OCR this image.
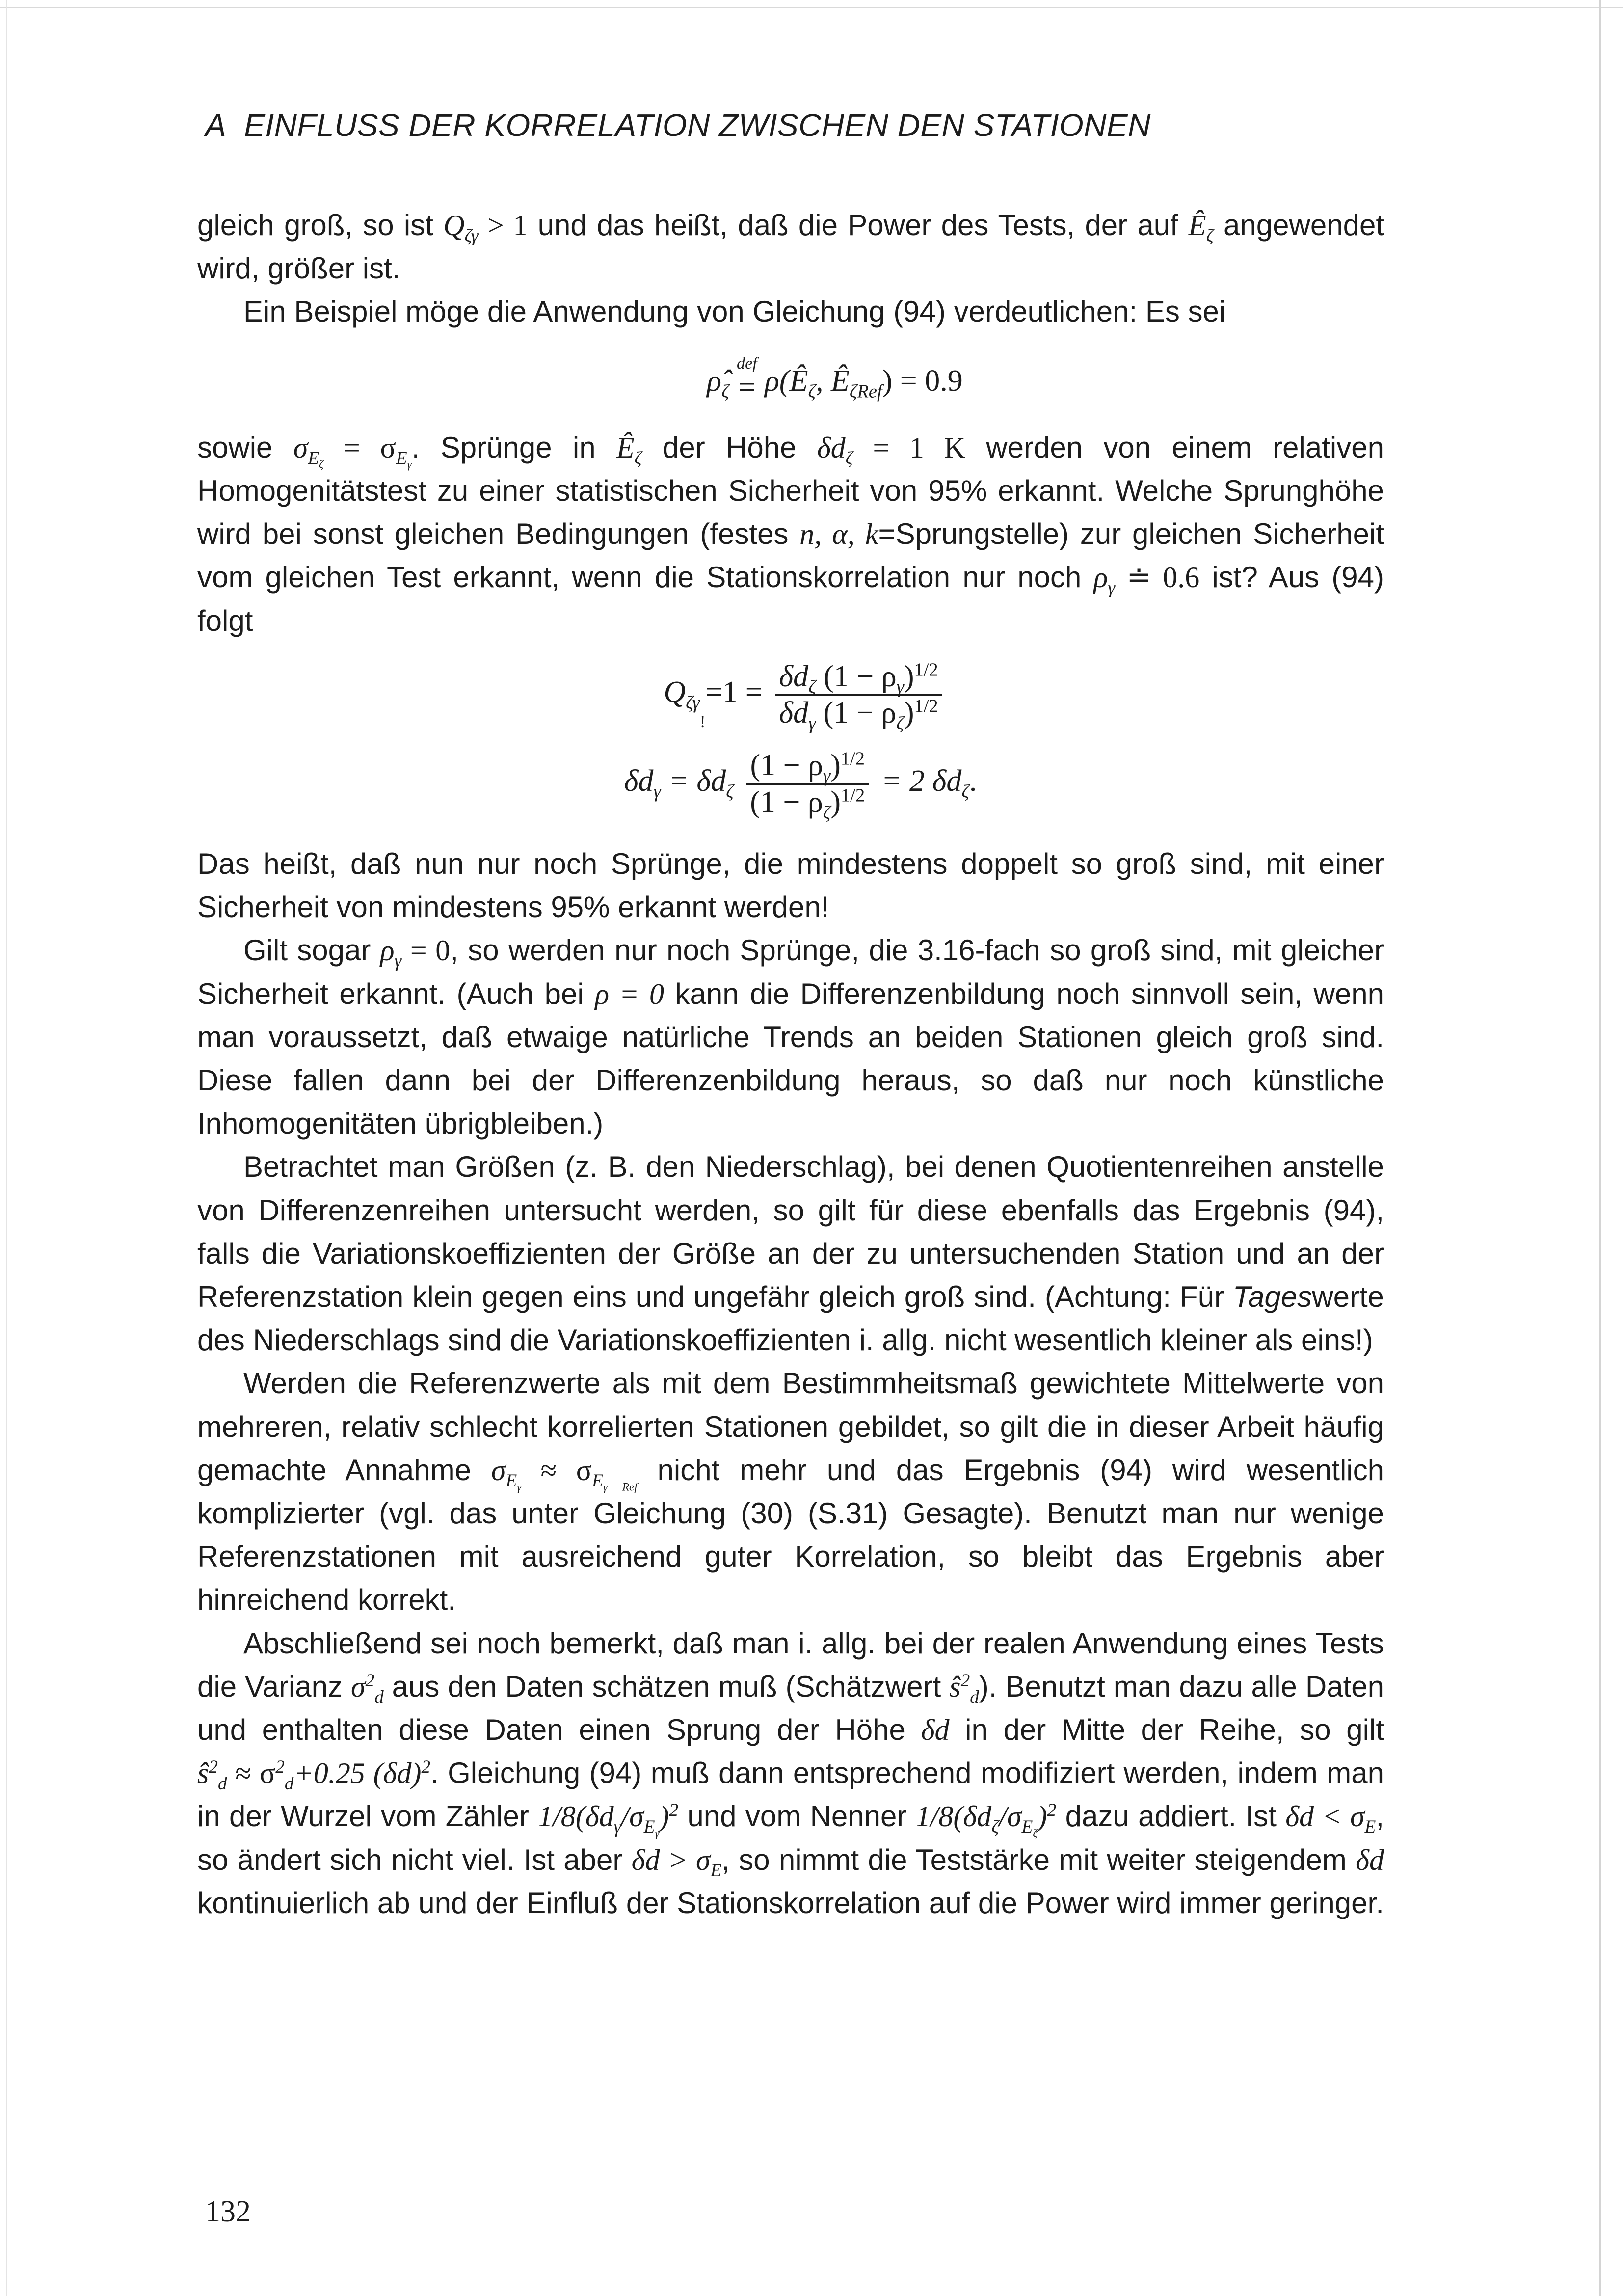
A EINFLUSS DER KORRELATION ZWISCHEN DEN STATIONEN

gleich groß, so ist $Q_{\zeta\gamma} > 1$ und das heißt, daß die Power des Tests, der auf $Ê_\zeta$ angewendet wird, größer ist.

Ein Beispiel möge die Anwendung von Gleichung (94) verdeutlichen: Es sei

$\rhô_\zeta$
def
= $\rho(Ê_\zeta$, $Ê_{\zeta Ref}) = 0.9$

sowie $\sigma_{E_\zeta} = \sigma_{E_\gamma}$. Sprünge in $Ê_\zeta$ der Höhe $\delta d_\zeta = 1$ K werden von einem relativen Homogenitätstest zu einer statistischen Sicherheit von 95% erkannt. Welche Sprunghöhe wird bei sonst gleichen Bedingungen (festes n, α, k=Sprungstelle) zur gleichen Sicherheit vom gleichen Test erkannt, wenn die Stationskorrelation nur noch $\rho_\gamma$ ≐ 0.6 ist? Aus (94) folgt

$Q_{\zeta\gamma}$
!
$=1 = \frac{\delta d_\zeta (1 - \rho_\gamma)^{1/2}}{\delta d_\gamma (1 - \rho_\zeta)^{1/2}}$
$\delta d_\gamma = \delta d_\zeta \frac{(1 - \rho_\gamma)^{1/2}}{(1 - \rho_\zeta)^{1/2}} = 2$ $\delta d_\zeta$.

Das heißt, daß nun nur noch Sprünge, die mindestens doppelt so groß sind, mit einer Sicherheit von mindestens 95% erkannt werden!

Gilt sogar $\rho_\gamma = 0$, so werden nur noch Sprünge, die 3.16-fach so groß sind, mit gleicher Sicherheit erkannt. (Auch bei ρ = 0 kann die Differenzenbildung noch sinnvoll sein, wenn man voraussetzt, daß etwaige natürliche Trends an beiden Stationen gleich groß sind. Diese fallen dann bei der Differenzenbildung heraus, so daß nur noch künstliche Inhomogenitäten übrigbleiben.)

Betrachtet man Größen (z. B. den Niederschlag), bei denen Quotientenreihen anstelle von Differenzenreihen untersucht werden, so gilt für diese ebenfalls das Ergebnis (94), falls die Variationskoeffizienten der Größe an der zu untersuchenden Station und an der Referenzstation klein gegen eins und ungefähr gleich groß sind. (Achtung: Für Tageswerte des Niederschlags sind die Variationskoeffizienten i. allg. nicht wesentlich kleiner als eins!)

Werden die Referenzwerte als mit dem Bestimmheitsmaß gewichtete Mittelwerte von mehreren, relativ schlecht korrelierten Stationen gebildet, so gilt die in dieser Arbeit häufig gemachte Annahme $\sigma_{E_\gamma} \approx \sigma_{E_{\gamma Ref}}$ nicht mehr und das Ergebnis (94) wird wesentlich komplizierter (vgl. das unter Gleichung (30) (S.31) Gesagte). Benutzt man nur wenige Referenzstationen mit ausreichend guter Korrelation, so bleibt das Ergebnis aber hinreichend korrekt.

Abschließend sei noch bemerkt, daß man i. allg. bei der realen Anwendung eines Tests die Varianz $\sigma^2_d$ aus den Daten schätzen muß (Schätzwert $ŝ^2_d$). Benutzt man dazu alle Daten und enthalten diese Daten einen Sprung der Höhe δd in der Mitte der Reihe, so gilt $ŝ^2_d \approx \sigma^2_d+0.25$ $(\delta d)^2$. Gleichung (94) muß dann entsprechend modifiziert werden, indem man in der Wurzel vom Zähler $1/8(\delta d_\gamma/\sigma_{E_\gamma})^2$ und vom Nenner $1/8(\delta d_\zeta/\sigma_{E_\zeta})^2$ dazu addiert. Ist $\delta d < \sigma_E$, so ändert sich nicht viel. Ist aber $\delta d > \sigma_E$, so nimmt die Teststärke mit weiter steigendem δd kontinuierlich ab und der Einfluß der Stationskorrelation auf die Power wird immer geringer.

132
